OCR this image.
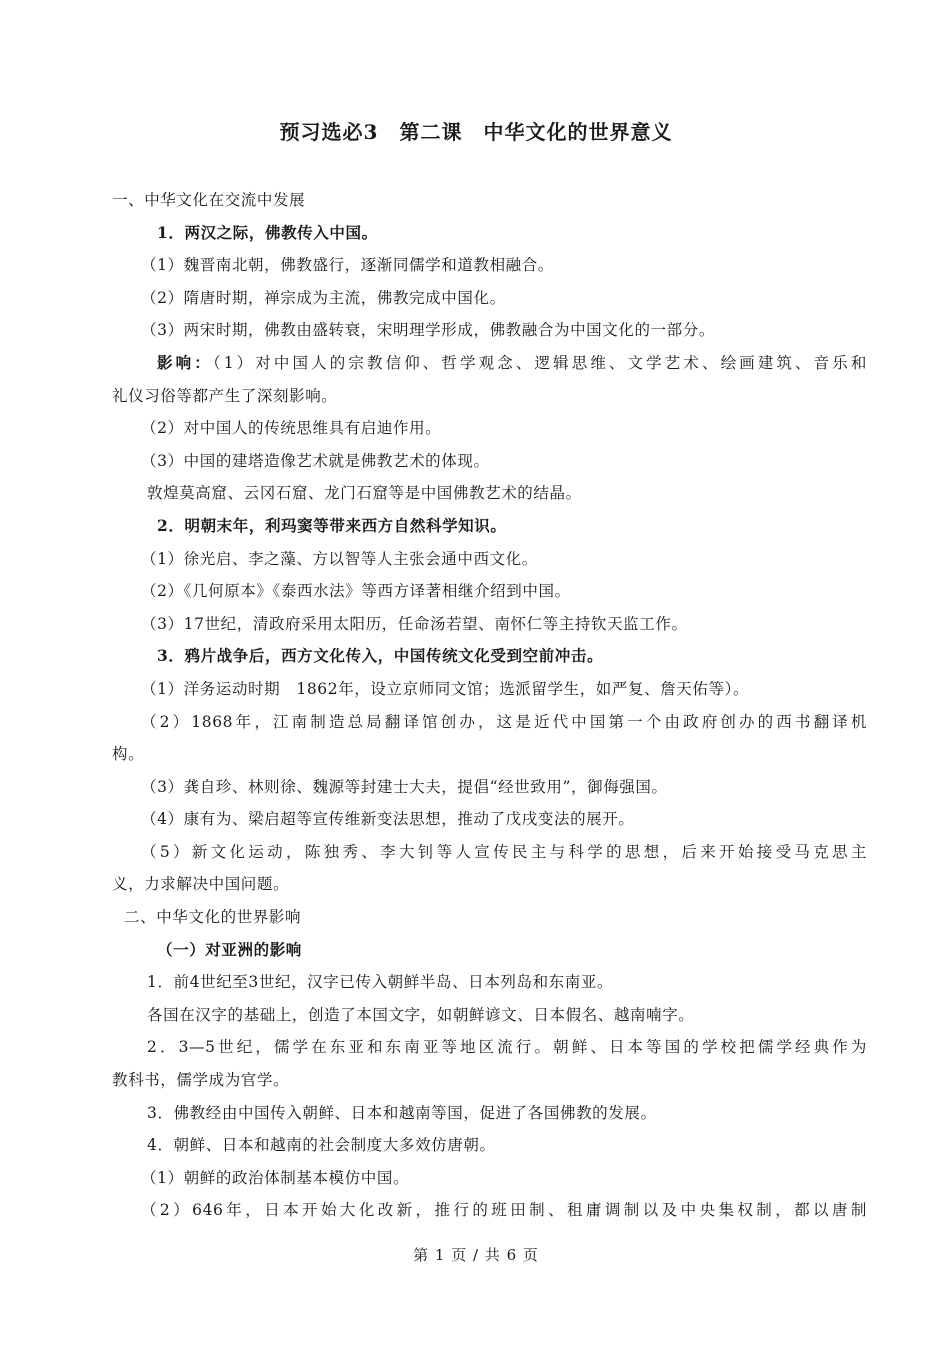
预习选必3　第二课　中华文化的世界意义
一、中华文化在交流中发展
1．两汉之际，佛教传入中国。
（1）魏晋南北朝，佛教盛行，逐渐同儒学和道教相融合。
（2）隋唐时期，禅宗成为主流，佛教完成中国化。
（3）两宋时期，佛教由盛转衰，宋明理学形成，佛教融合为中国文化的一部分。
影响：（1）对中国人的宗教信仰、哲学观念、逻辑思维、文学艺术、绘画建筑、音乐和
礼仪习俗等都产生了深刻影响。
（2）对中国人的传统思维具有启迪作用。
（3）中国的建塔造像艺术就是佛教艺术的体现。
敦煌莫高窟、云冈石窟、龙门石窟等是中国佛教艺术的结晶。
2．明朝末年，利玛窦等带来西方自然科学知识。
（1）徐光启、李之藻、方以智等人主张会通中西文化。
（2）《几何原本》《泰西水法》等西方译著相继介绍到中国。
（3）17世纪，清政府采用太阳历，任命汤若望、南怀仁等主持钦天监工作。
3．鸦片战争后，西方文化传入，中国传统文化受到空前冲击。
（1）洋务运动时期　1862年，设立京师同文馆；选派留学生，如严复、詹天佑等）。
（2）1868年，江南制造总局翻译馆创办，这是近代中国第一个由政府创办的西书翻译机
构。
（3）龚自珍、林则徐、魏源等封建士大夫，提倡“经世致用”，御侮强国。
（4）康有为、梁启超等宣传维新变法思想，推动了戊戌变法的展开。
（5）新文化运动，陈独秀、李大钊等人宣传民主与科学的思想，后来开始接受马克思主
义，力求解决中国问题。
二、中华文化的世界影响
（一）对亚洲的影响
1．前4世纪至3世纪，汉字已传入朝鲜半岛、日本列岛和东南亚。
各国在汉字的基础上，创造了本国文字，如朝鲜谚文、日本假名、越南喃字。
2．3—5世纪，儒学在东亚和东南亚等地区流行。朝鲜、日本等国的学校把儒学经典作为
教科书，儒学成为官学。
3．佛教经由中国传入朝鲜、日本和越南等国，促进了各国佛教的发展。
4．朝鲜、日本和越南的社会制度大多效仿唐朝。
（1）朝鲜的政治体制基本模仿中国。
（2）646年，日本开始大化改新，推行的班田制、租庸调制以及中央集权制，都以唐制
第 1 页 / 共 6 页
